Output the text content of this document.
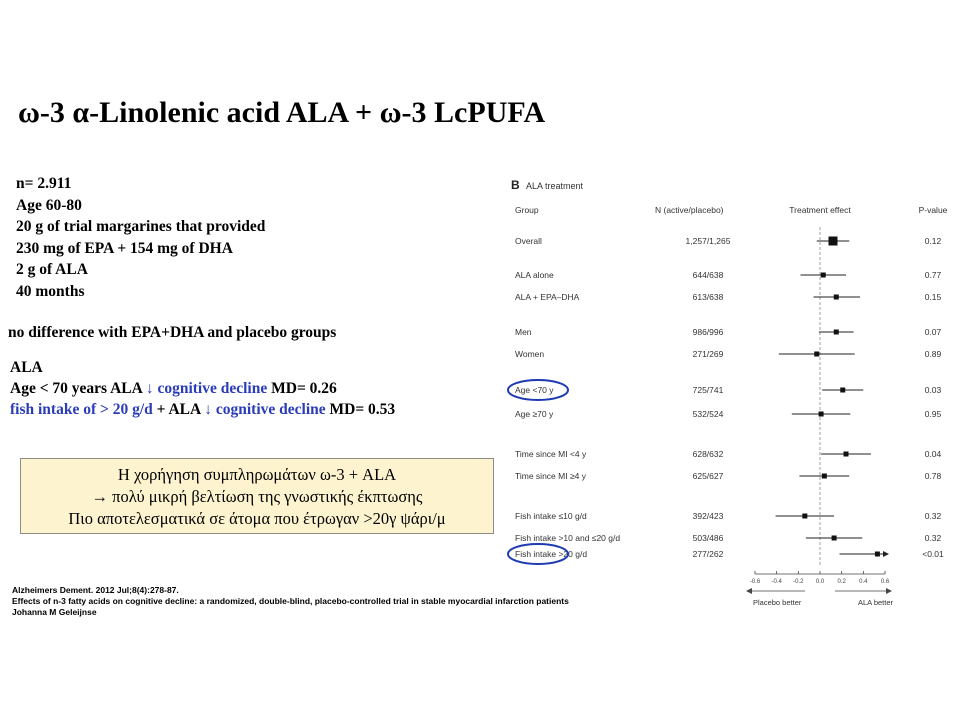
ω-3 α-Linolenic acid ALA + ω-3 LcPUFA
n= 2.911
Age 60-80
20 g of trial margarines that provided
230 mg of EPA + 154 mg of DHA
2 g of ALA
40 months
no difference with EPA+DHA and placebo groups
ALA
Age < 70 years ALA ↓ cognitive decline MD= 0.26
fish intake of > 20 g/d + ALA ↓ cognitive decline MD= 0.53
Η χορήγηση συμπληρωμάτων ω-3 + ALA
→ πολύ μικρή βελτίωση της γνωστικής έκπτωσης
Πιο αποτελεσματικά σε άτομα που έτρωγαν >20γ ψάρι/μ
Alzheimers Dement. 2012 Jul;8(4):278-87.
Effects of n-3 fatty acids on cognitive decline: a randomized, double-blind, placebo-controlled trial in stable myocardial infarction patients
Johanna M Geleijnse
B ALA treatment
Group	N (active/placebo)	Treatment effect	P-value
Overall	1,257/1,265	0.12
ALA alone	644/638	0.77
ALA + EPA–DHA	613/638	0.15
Men	986/996	0.07
Women	271/269	0.89
Age <70 y	725/741	0.03
Age ≥70 y	532/524	0.95
Time since MI <4 y	628/632	0.04
Time since MI ≥4 y	625/627	0.78
Fish intake ≤10 g/d	392/423	0.32
Fish intake >10 and ≤20 g/d	503/486	0.32
Fish intake >20 g/d	277/262	<0.01
-0.6 -0.4 -0.2 0.0 0.2 0.4 0.6
Placebo better	ALA better
